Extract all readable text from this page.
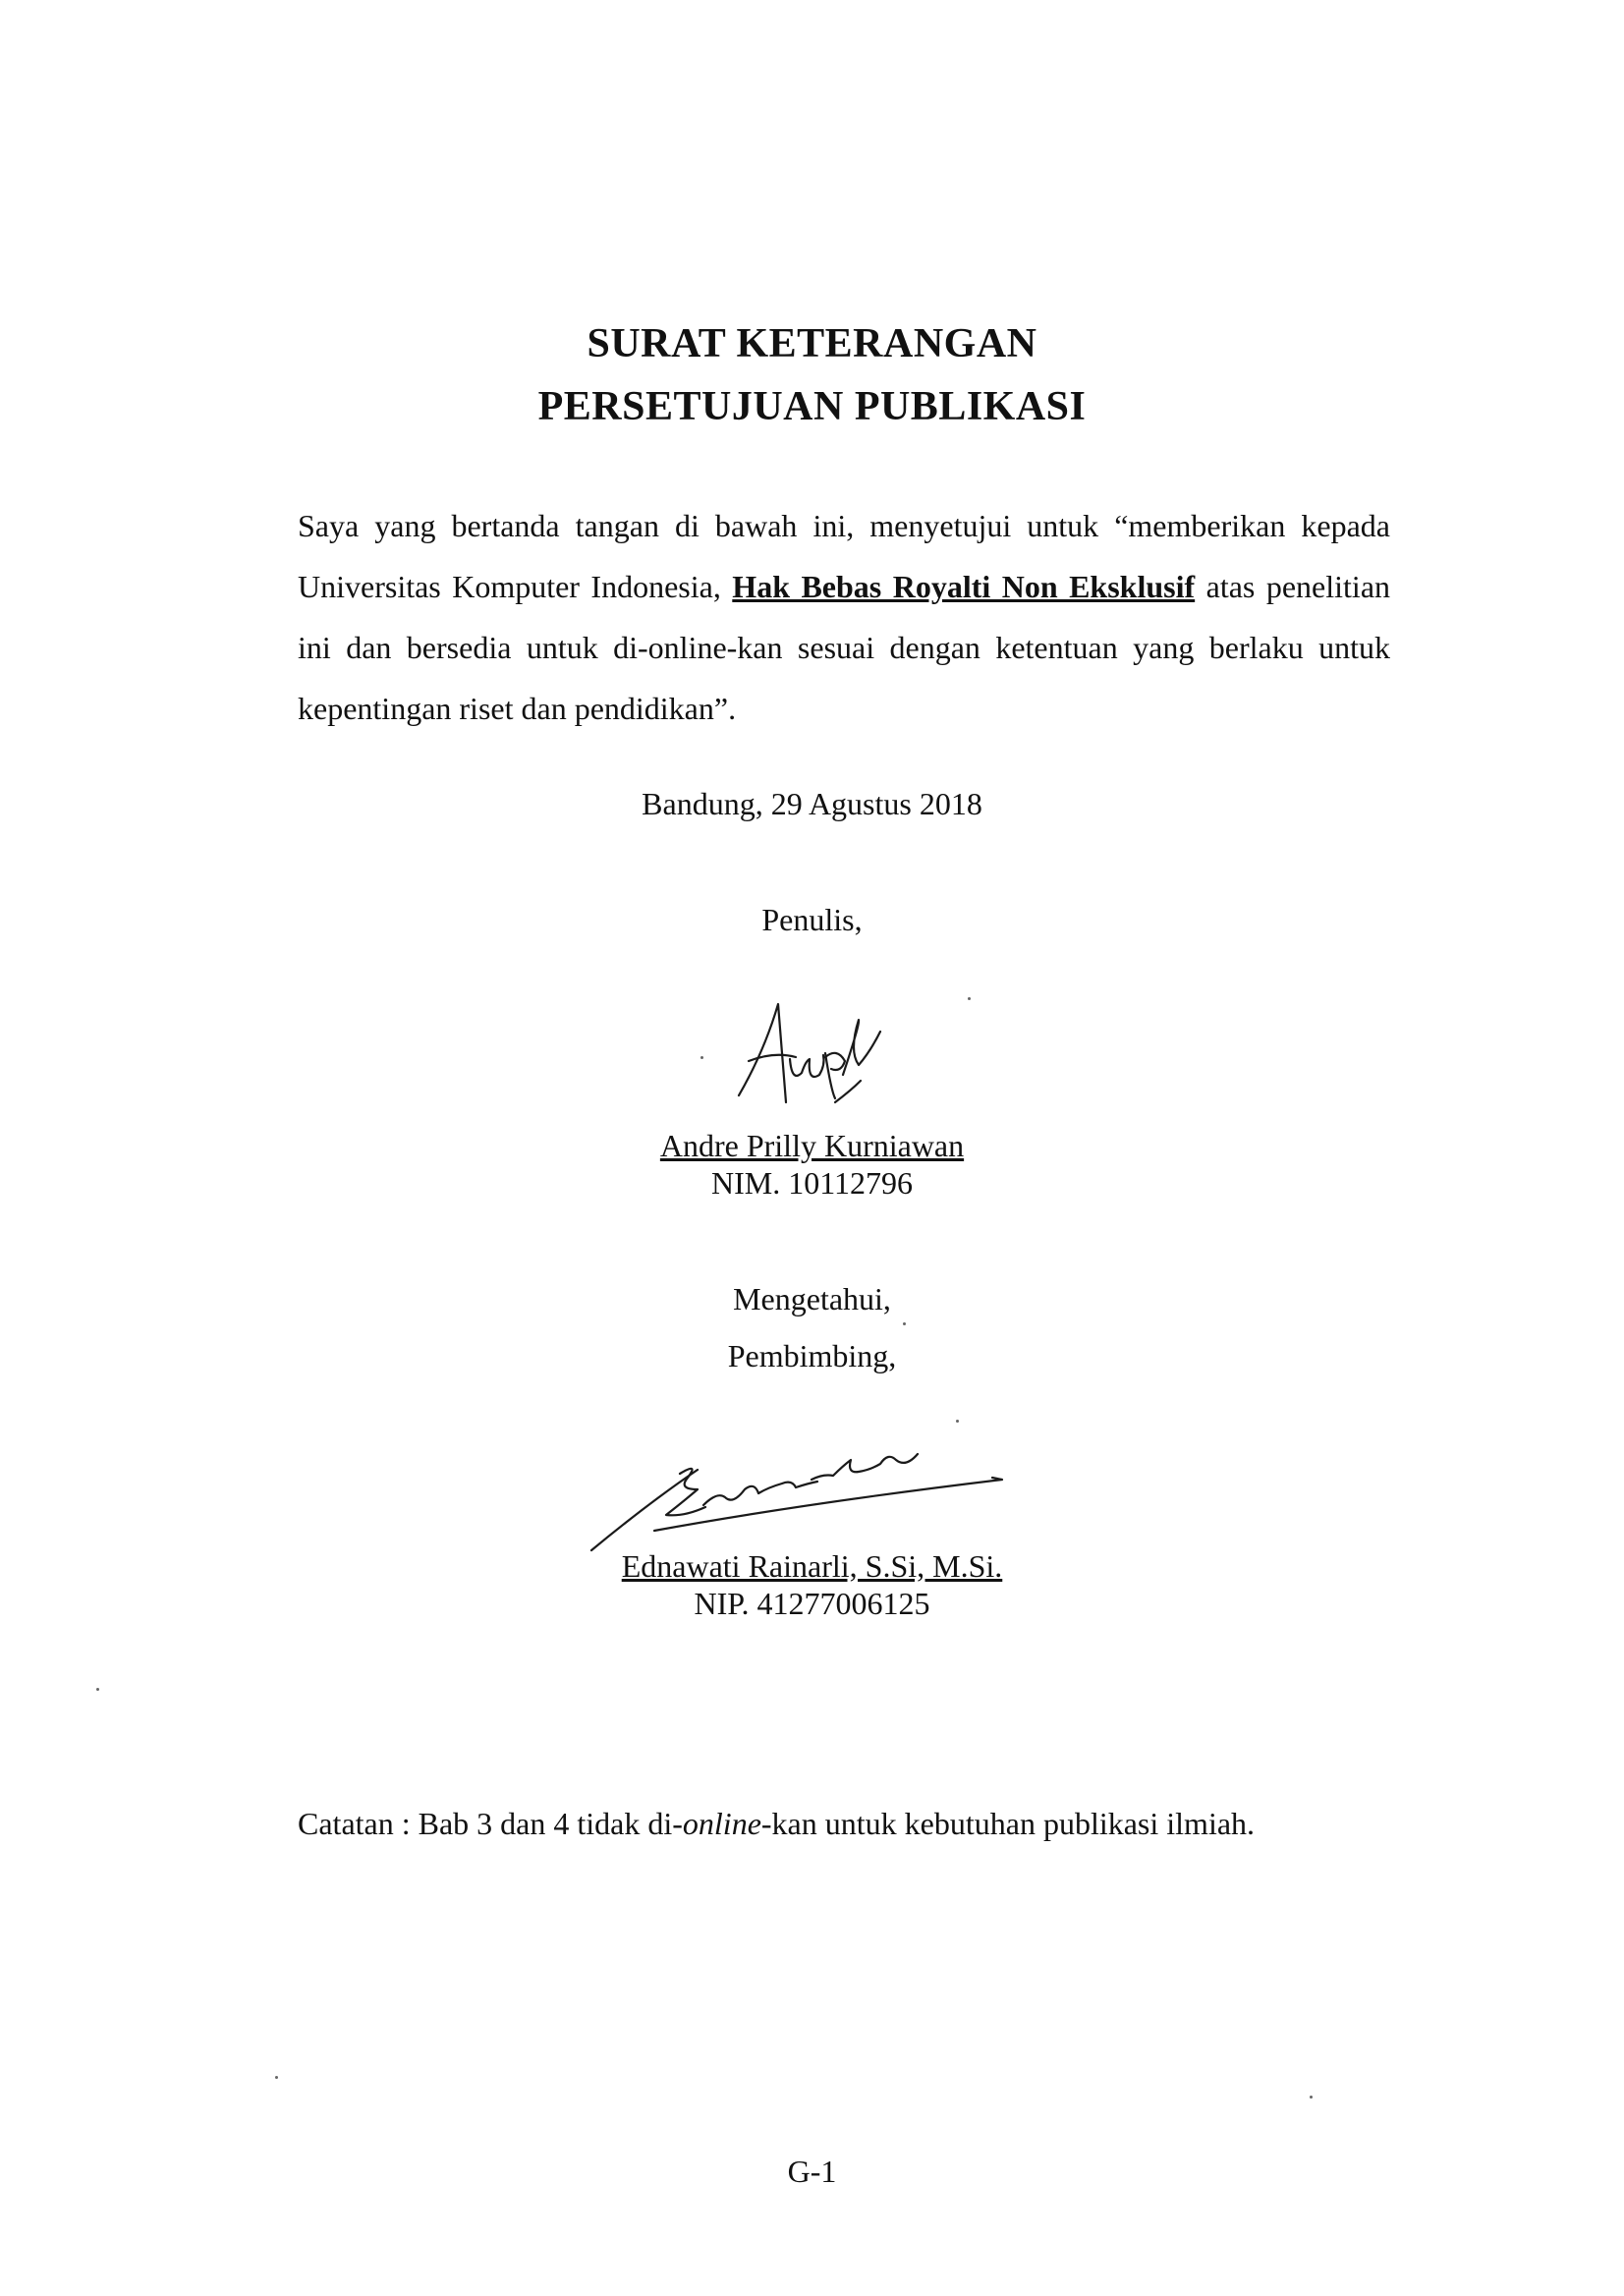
SURAT KETERANGAN
PERSETUJUAN PUBLIKASI
Saya yang bertanda tangan di bawah ini, menyetujui untuk “memberikan kepada Universitas Komputer Indonesia, Hak Bebas Royalti Non Eksklusif atas penelitian ini dan bersedia untuk di-online-kan sesuai dengan ketentuan yang berlaku untuk kepentingan riset dan pendidikan”.
Bandung, 29 Agustus 2018
Penulis,
Andre Prilly Kurniawan
NIM. 10112796
Mengetahui,
Pembimbing,
Ednawati Rainarli, S.Si, M.Si.
NIP. 41277006125
Catatan : Bab 3 dan 4 tidak di-online-kan untuk kebutuhan publikasi ilmiah.
G-1
